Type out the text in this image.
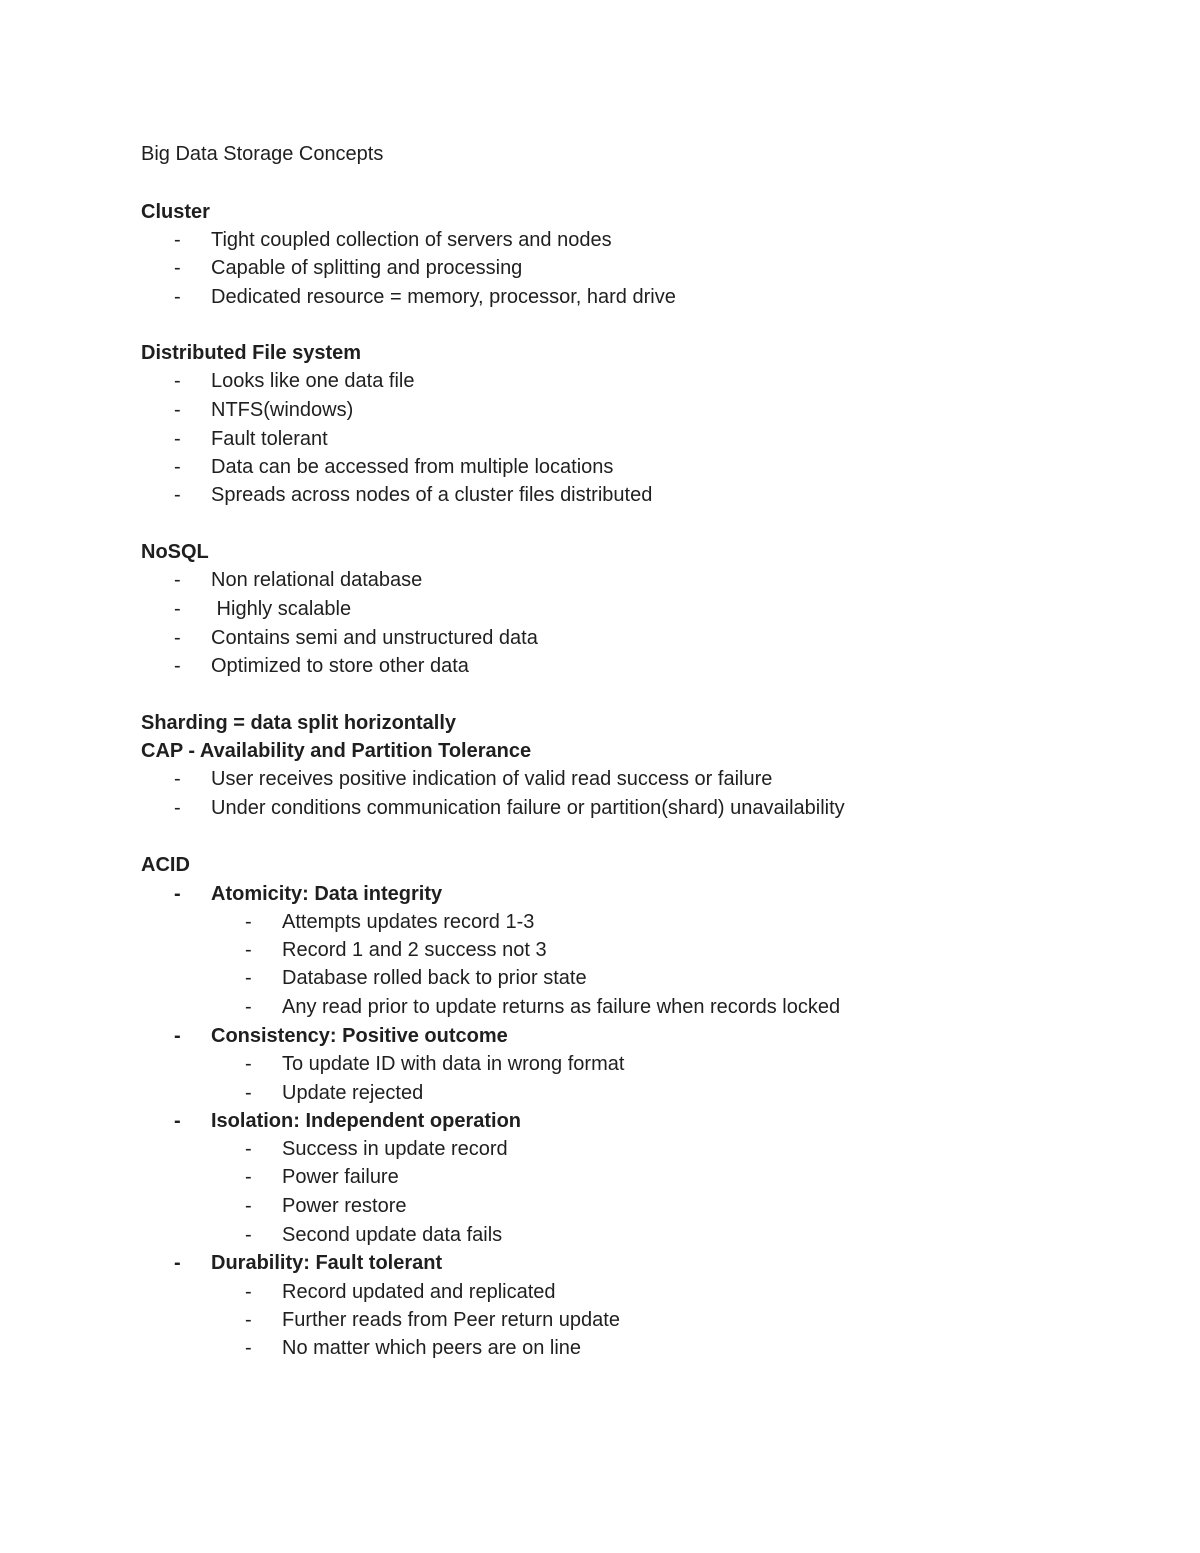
Big Data Storage Concepts
Cluster
- Tight coupled collection of servers and nodes
- Capable of splitting and processing
- Dedicated resource = memory, processor, hard drive
Distributed File system
- Looks like one data file
- NTFS(windows)
- Fault tolerant
- Data can be accessed from multiple locations
- Spreads across nodes of a cluster files distributed
NoSQL
- Non relational database
- Highly scalable
- Contains semi and unstructured data
- Optimized to store other data
Sharding = data split horizontally
CAP - Availability and Partition Tolerance
- User receives positive indication of valid read success or failure
- Under conditions communication failure or partition(shard) unavailability
ACID
- Atomicity: Data integrity
- Attempts updates record 1-3
- Record 1 and 2 success not 3
- Database rolled back to prior state
- Any read prior to update returns as failure when records locked
- Consistency: Positive outcome
- To update ID with data in wrong format
- Update rejected
- Isolation: Independent operation
- Success in update record
- Power failure
- Power restore
- Second update data fails
- Durability: Fault tolerant
- Record updated and replicated
- Further reads from Peer return update
- No matter which peers are on line
